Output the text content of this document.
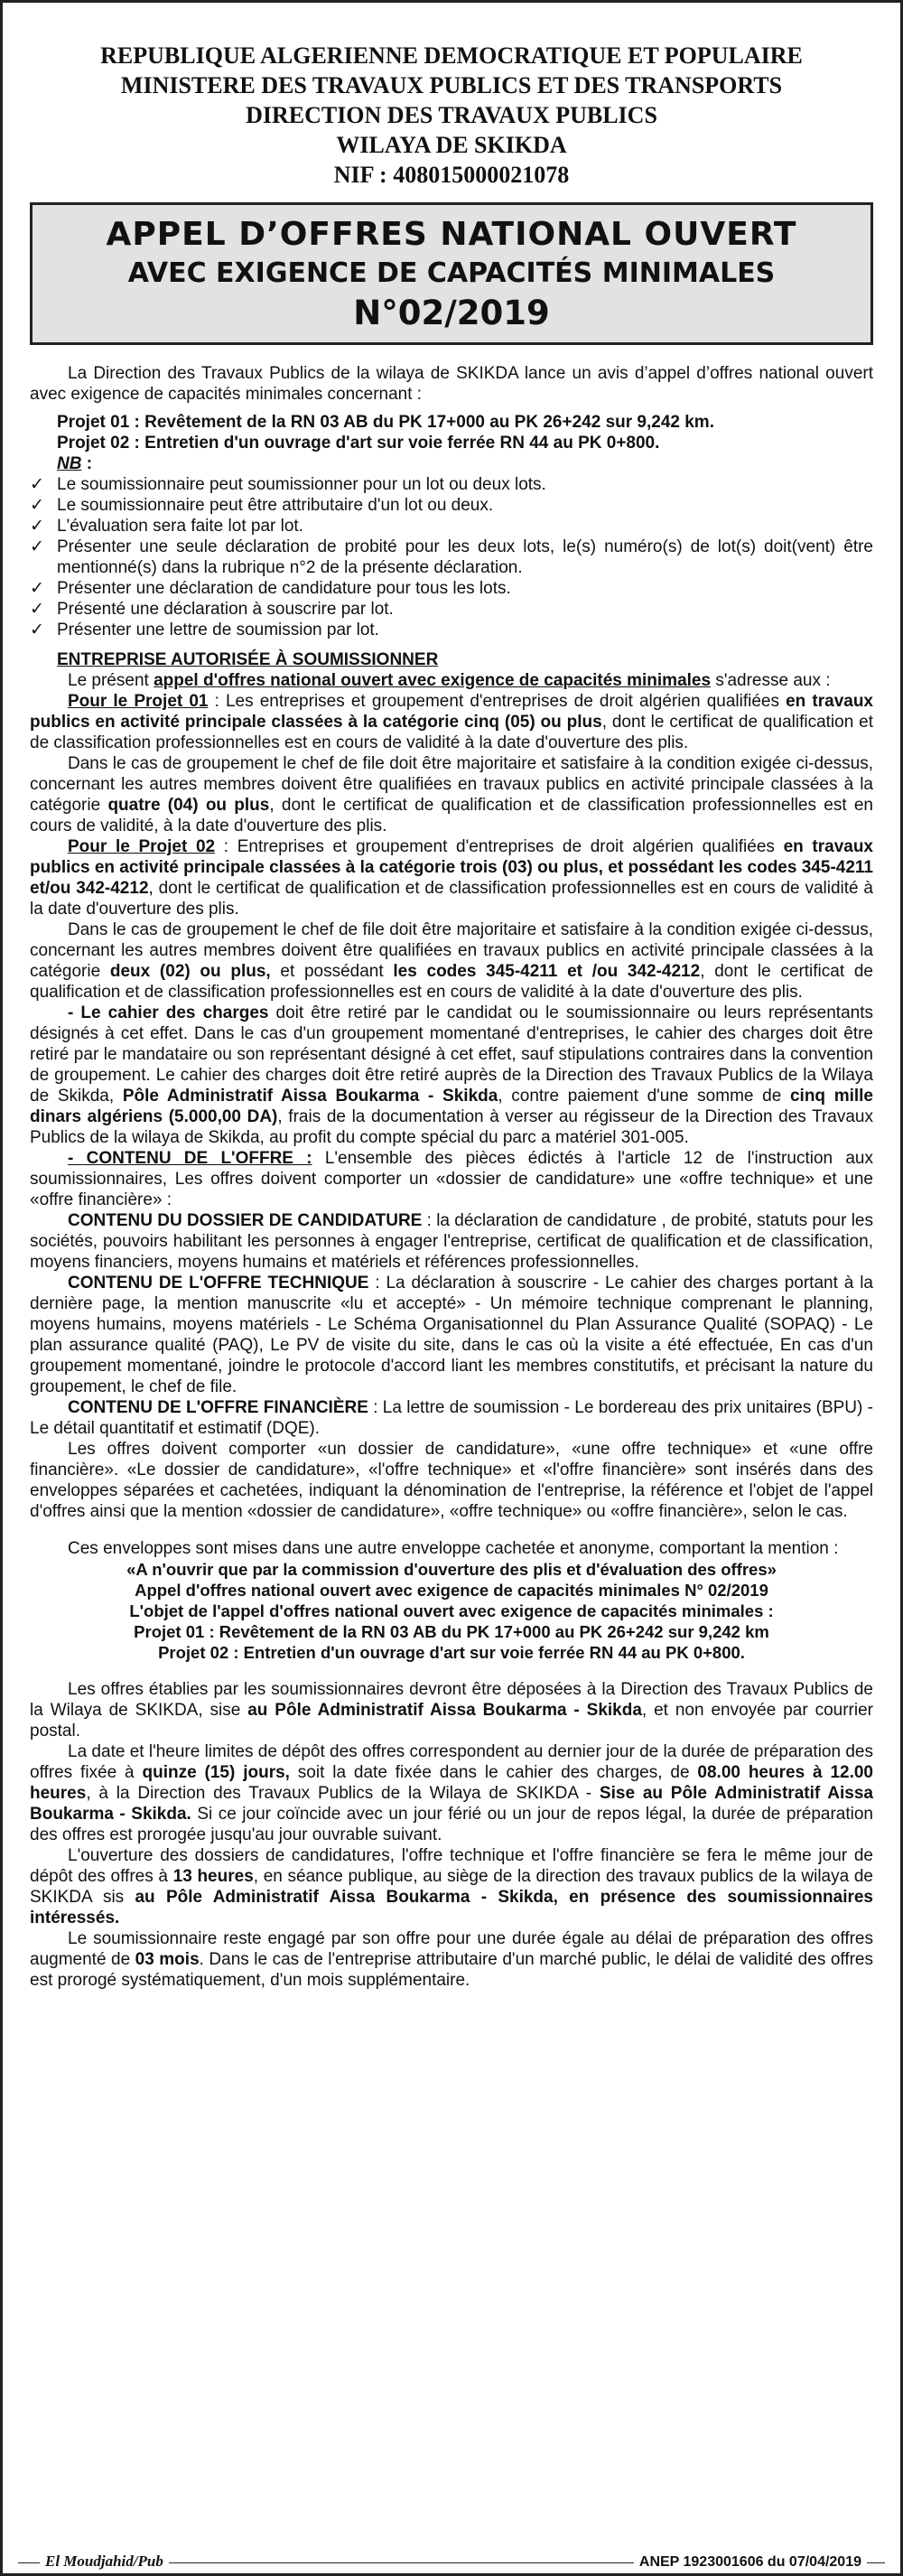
REPUBLIQUE ALGERIENNE DEMOCRATIQUE ET POPULAIRE
MINISTERE DES TRAVAUX PUBLICS ET DES TRANSPORTS
DIRECTION DES TRAVAUX PUBLICS
WILAYA DE SKIKDA
NIF : 408015000021078
APPEL D’OFFRES NATIONAL OUVERT
AVEC EXIGENCE DE CAPACITÉS MINIMALES
N°02/2019

La Direction des Travaux Publics de la wilaya de SKIKDA lance un avis d’appel d’offres national ouvert avec exigence de capacités minimales concernant :

Projet 01 : Revêtement de la RN 03 AB du PK 17+000 au PK 26+242 sur 9,242 km.

Projet 02 : Entretien d'un ouvrage d'art sur voie ferrée RN 44 au PK 0+800.

NB :

✓ Le soumissionnaire peut soumissionner pour un lot ou deux lots.
✓ Le soumissionnaire peut être attributaire d'un lot ou deux.
✓ L'évaluation sera faite lot par lot.
✓ Présenter une seule déclaration de probité pour les deux lots, le(s) numéro(s) de lot(s) doit(vent) être mentionné(s) dans la rubrique n°2 de la présente déclaration.
✓ Présenter une déclaration de candidature pour tous les lots.
✓ Présenté une déclaration à souscrire par lot.
✓ Présenter une lettre de soumission par lot.

ENTREPRISE AUTORISÉE À SOUMISSIONNER

Le présent appel d'offres national ouvert avec exigence de capacités minimales s'adresse aux :

Pour le Projet 01 : Les entreprises et groupement d'entreprises de droit algérien qualifiées en travaux publics en activité principale classées à la catégorie cinq (05) ou plus, dont le certificat de qualification et de classification professionnelles est en cours de validité à la date d'ouverture des plis.

Dans le cas de groupement le chef de file doit être majoritaire et satisfaire à la condition exigée ci-dessus, concernant les autres membres doivent être qualifiées en travaux publics en activité principale classées à la catégorie quatre (04) ou plus, dont le certificat de qualification et de classification professionnelles est en cours de validité, à la date d'ouverture des plis.

Pour le Projet 02 : Entreprises et groupement d'entreprises de droit algérien qualifiées en travaux publics en activité principale classées à la catégorie trois (03) ou plus, et possédant les codes 345-4211 et/ou 342-4212, dont le certificat de qualification et de classification professionnelles est en cours de validité à la date d'ouverture des plis.

Dans le cas de groupement le chef de file doit être majoritaire et satisfaire à la condition exigée ci-dessus, concernant les autres membres doivent être qualifiées en travaux publics en activité principale classées à la catégorie deux (02) ou plus, et possédant les codes 345-4211 et /ou 342-4212, dont le certificat de qualification et de classification professionnelles est en cours de validité à la date d'ouverture des plis.

- Le cahier des charges doit être retiré par le candidat ou le soumissionnaire ou leurs représentants désignés à cet effet. Dans le cas d'un groupement momentané d'entreprises, le cahier des charges doit être retiré par le mandataire ou son représentant désigné à cet effet, sauf stipulations contraires dans la convention de groupement. Le cahier des charges doit être retiré auprès de la Direction des Travaux Publics de la Wilaya de Skikda, Pôle Administratif Aissa Boukarma - Skikda, contre paiement d'une somme de cinq mille dinars algériens (5.000,00 DA), frais de la documentation à verser au régisseur de la Direction des Travaux Publics de la wilaya de Skikda, au profit du compte spécial du parc a matériel 301-005.

- CONTENU DE L'OFFRE : L'ensemble des pièces édictés à l'article 12 de l'instruction aux soumissionnaires, Les offres doivent comporter un «dossier de candidature» une «offre technique» et une «offre financière» :

CONTENU DU DOSSIER DE CANDIDATURE : la déclaration de candidature , de probité, statuts pour les sociétés, pouvoirs habilitant les personnes à engager l'entreprise, certificat de qualification et de classification, moyens financiers, moyens humains et matériels et références professionnelles.

CONTENU DE L'OFFRE TECHNIQUE : La déclaration à souscrire - Le cahier des charges portant à la dernière page, la mention manuscrite «lu et accepté» - Un mémoire technique comprenant le planning, moyens humains, moyens matériels - Le Schéma Organisationnel du Plan Assurance Qualité (SOPAQ) - Le plan assurance qualité (PAQ), Le PV de visite du site, dans le cas où la visite a été effectuée, En cas d'un groupement momentané, joindre le protocole d'accord liant les membres constitutifs, et précisant la nature du groupement, le chef de file.

CONTENU DE L'OFFRE FINANCIÈRE : La lettre de soumission - Le bordereau des prix unitaires (BPU) - Le détail quantitatif et estimatif (DQE).

Les offres doivent comporter «un dossier de candidature», «une offre technique» et «une offre financière». «Le dossier de candidature», «l'offre technique» et «l'offre financière» sont insérés dans des enveloppes séparées et cachetées, indiquant la dénomination de l'entreprise, la référence et l'objet de l'appel d'offres ainsi que la mention «dossier de candidature», «offre technique» ou «offre financière», selon le cas.

Ces enveloppes sont mises dans une autre enveloppe cachetée et anonyme, comportant la mention :

«A n'ouvrir que par la commission d'ouverture des plis et d'évaluation des offres»
Appel d'offres national ouvert avec exigence de capacités minimales N° 02/2019
L'objet de l'appel d'offres national ouvert avec exigence de capacités minimales :
Projet 01 : Revêtement de la RN 03 AB du PK 17+000 au PK 26+242 sur 9,242 km
Projet 02 : Entretien d'un ouvrage d'art sur voie ferrée RN 44 au PK 0+800.

Les offres établies par les soumissionnaires devront être déposées à la Direction des Travaux Publics de la Wilaya de SKIKDA, sise au Pôle Administratif Aissa Boukarma - Skikda, et non envoyée par courrier postal.

La date et l'heure limites de dépôt des offres correspondent au dernier jour de la durée de préparation des offres fixée à quinze (15) jours, soit la date fixée dans le cahier des charges, de 08.00 heures à 12.00 heures, à la Direction des Travaux Publics de la Wilaya de SKIKDA - Sise au Pôle Administratif Aissa Boukarma - Skikda. Si ce jour coïncide avec un jour férié ou un jour de repos légal, la durée de préparation des offres est prorogée jusqu'au jour ouvrable suivant.

L'ouverture des dossiers de candidatures, l'offre technique et l'offre financière se fera le même jour de dépôt des offres à 13 heures, en séance publique, au siège de la direction des travaux publics de la wilaya de SKIKDA sis au Pôle Administratif Aissa Boukarma - Skikda, en présence des soumissionnaires intéressés.

Le soumissionnaire reste engagé par son offre pour une durée égale au délai de préparation des offres augmenté de 03 mois. Dans le cas de l'entreprise attributaire d'un marché public, le délai de validité des offres est prorogé systématiquement, d'un mois supplémentaire.

El Moudjahid/Pub	ANEP 1923001606 du 07/04/2019
